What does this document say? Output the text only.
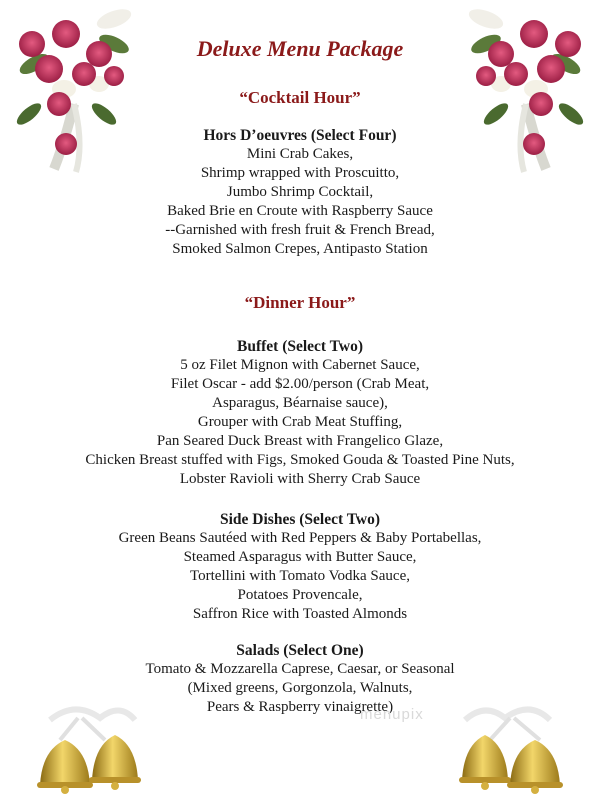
Deluxe Menu Package
“Cocktail Hour”
Hors D’oeuvres (Select Four)
Mini Crab Cakes,
Shrimp wrapped with Proscuitto,
Jumbo Shrimp Cocktail,
Baked Brie en Croute with Raspberry Sauce
--Garnished with fresh fruit & French Bread,
Smoked Salmon Crepes, Antipasto Station
“Dinner Hour”
Buffet (Select Two)
5 oz Filet Mignon with Cabernet Sauce,
Filet Oscar - add $2.00/person (Crab Meat,
Asparagus, Béarnaise sauce),
Grouper with Crab Meat Stuffing,
Pan Seared Duck Breast with Frangelico Glaze,
Chicken Breast stuffed with Figs, Smoked Gouda & Toasted Pine Nuts,
Lobster Ravioli with Sherry Crab Sauce
Side Dishes (Select Two)
Green Beans Sautéed with Red Peppers & Baby Portabellas,
Steamed Asparagus with Butter Sauce,
Tortellini with Tomato Vodka Sauce,
Potatoes Provencale,
Saffron Rice with Toasted Almonds
Salads (Select One)
Tomato & Mozzarella Caprese, Caesar, or Seasonal
(Mixed greens, Gorgonzola, Walnuts,
Pears & Raspberry vinaigrette)
menupix
